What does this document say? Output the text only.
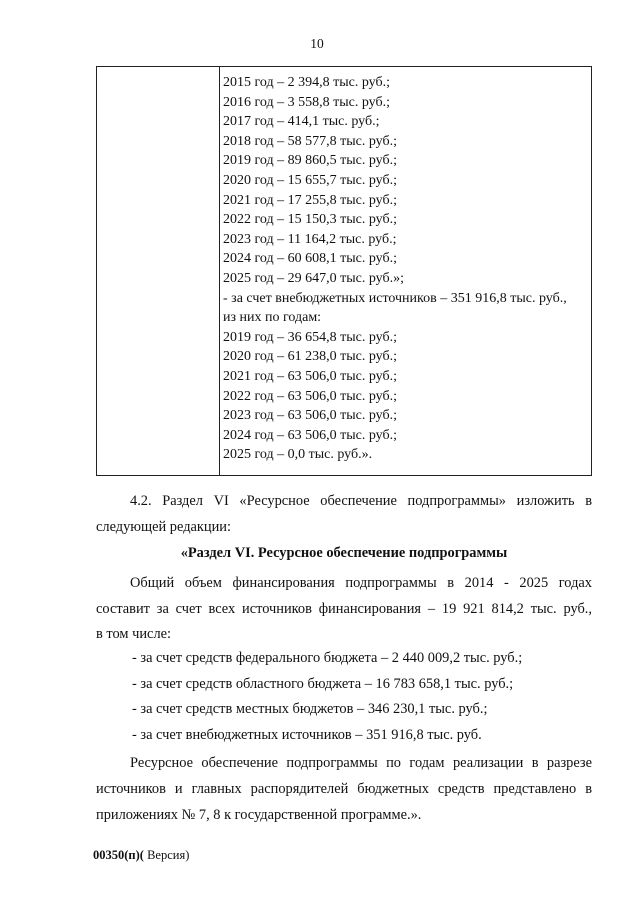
10
2015 год – 2 394,8 тыс. руб.;
2016 год – 3 558,8 тыс. руб.;
2017 год – 414,1 тыс. руб.;
2018 год – 58 577,8 тыс. руб.;
2019 год – 89 860,5 тыс. руб.;
2020 год – 15 655,7 тыс. руб.;
2021 год – 17 255,8 тыс. руб.;
2022 год – 15 150,3 тыс. руб.;
2023 год – 11 164,2 тыс. руб.;
2024 год – 60 608,1 тыс. руб.;
2025 год – 29 647,0 тыс. руб.»;
- за счет внебюджетных источников – 351 916,8 тыс. руб.,
из них по годам:
2019 год – 36 654,8 тыс. руб.;
2020 год – 61 238,0 тыс. руб.;
2021 год – 63 506,0 тыс. руб.;
2022 год – 63 506,0 тыс. руб.;
2023 год – 63 506,0 тыс. руб.;
2024 год – 63 506,0 тыс. руб.;
2025 год – 0,0 тыс. руб.».
4.2. Раздел VI «Ресурсное обеспечение подпрограммы» изложить в
следующей редакции:
«Раздел VI. Ресурсное обеспечение подпрограммы
Общий объем финансирования подпрограммы в 2014 - 2025 годах
составит за счет всех источников финансирования – 19 921 814,2 тыс. руб.,
в том числе:
- за счет средств федерального бюджета – 2 440 009,2 тыс. руб.;
- за счет средств областного бюджета – 16 783 658,1 тыс. руб.;
- за счет средств местных бюджетов – 346 230,1 тыс. руб.;
- за счет внебюджетных источников – 351 916,8 тыс. руб.
Ресурсное обеспечение подпрограммы по годам реализации в разрезе
источников и главных распорядителей бюджетных средств представлено в
приложениях № 7, 8 к государственной программе.».
00350(п)( Версия)
